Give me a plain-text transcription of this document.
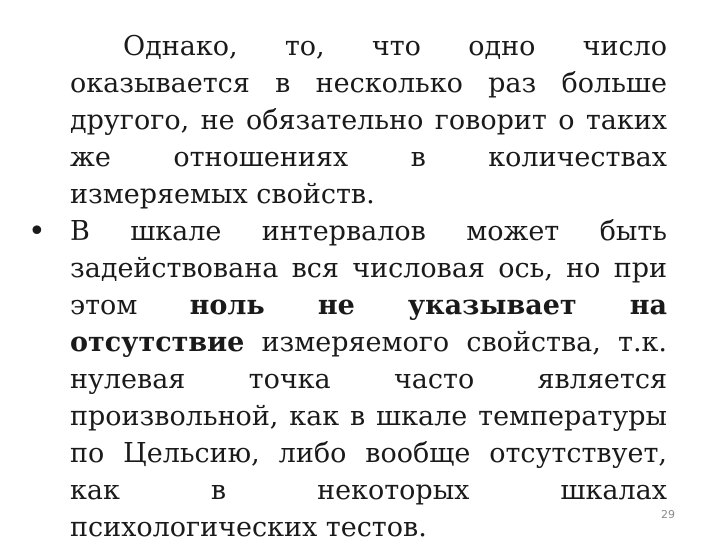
Однако, то, что одно число оказывается в несколько раз больше другого, не обязательно говорит о таких же отношениях в количествах измеряемых свойств.

• В шкале интервалов может быть задействована вся числовая ось, но при этом ноль не указывает на отсутствие измеряемого свойства, т.к. нулевая точка часто является произвольной, как в шкале температуры по Цельсию, либо вообще отсутствует, как в некоторых шкалах психологических тестов.	29
